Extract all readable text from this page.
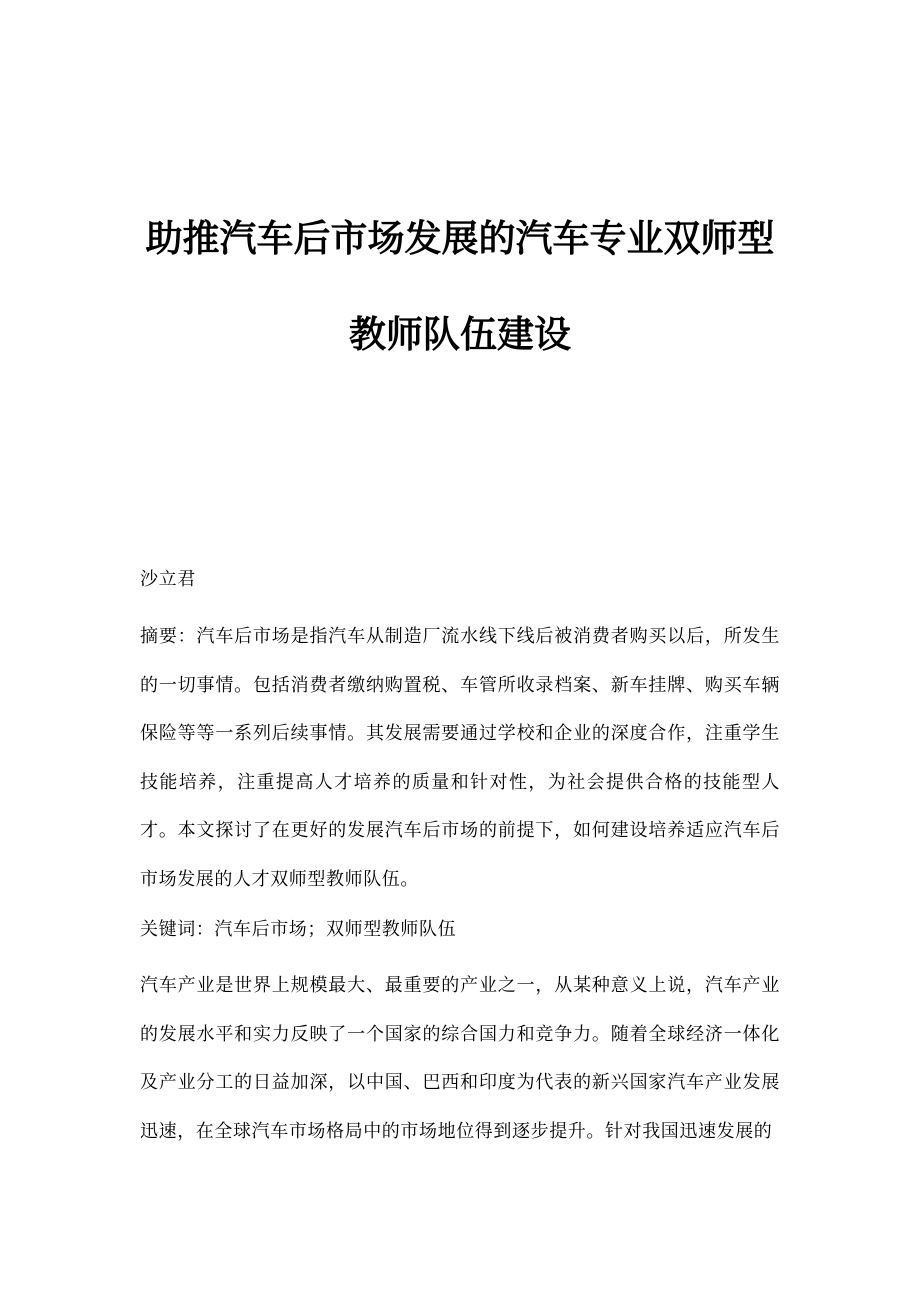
助推汽车后市场发展的汽车专业双师型
教师队伍建设
沙立君
摘要：汽车后市场是指汽车从制造厂流水线下线后被消费者购买以后，所发生的一切事情。包括消费者缴纳购置税、车管所收录档案、新车挂牌、购买车辆保险等等一系列后续事情。其发展需要通过学校和企业的深度合作，注重学生技能培养，注重提高人才培养的质量和针对性，为社会提供合格的技能型人才。本文探讨了在更好的发展汽车后市场的前提下，如何建设培养适应汽车后市场发展的人才双师型教师队伍。
关键词：汽车后市场；双师型教师队伍
汽车产业是世界上规模最大、最重要的产业之一，从某种意义上说，汽车产业的发展水平和实力反映了一个国家的综合国力和竞争力。随着全球经济一体化及产业分工的日益加深，以中国、巴西和印度为代表的新兴国家汽车产业发展迅速，在全球汽车市场格局中的市场地位得到逐步提升。针对我国迅速发展的
